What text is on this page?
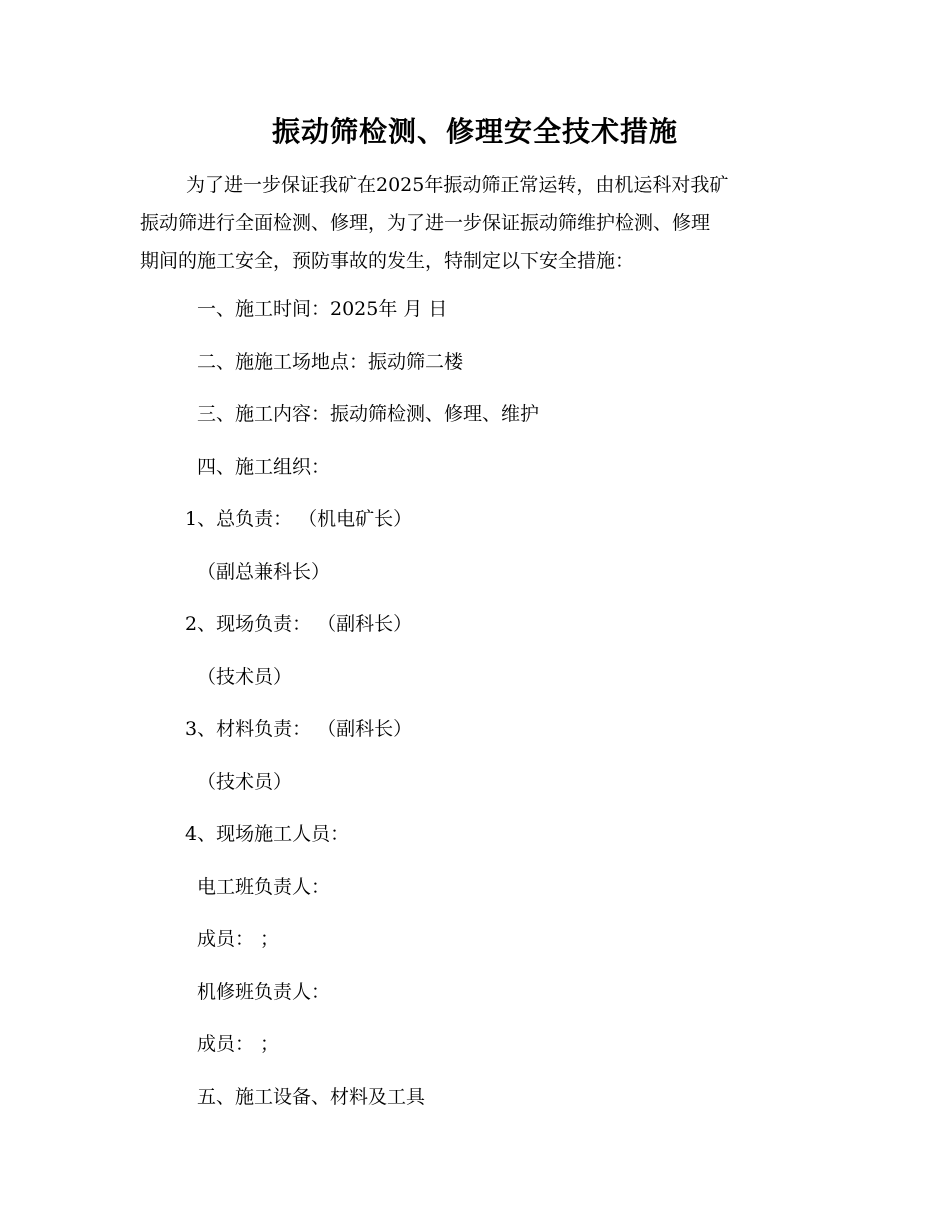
振动筛检测、修理安全技术措施
为了进一步保证我矿在2025年振动筛正常运转，由机运科对我矿
振动筛进行全面检测、修理，为了进一步保证振动筛维护检测、修理
期间的施工安全，预防事故的发生，特制定以下安全措施：
一、施工时间：2025年 月 日
二、施施工场地点：振动筛二楼
三、施工内容：振动筛检测、修理、维护
四、施工组织：
1、总负责： （机电矿长）
（副总兼科长）
2、现场负责： （副科长）
（技术员）
3、材料负责： （副科长）
（技术员）
4、现场施工人员：
电工班负责人：
成员： ；
机修班负责人：
成员： ；
五、施工设备、材料及工具
